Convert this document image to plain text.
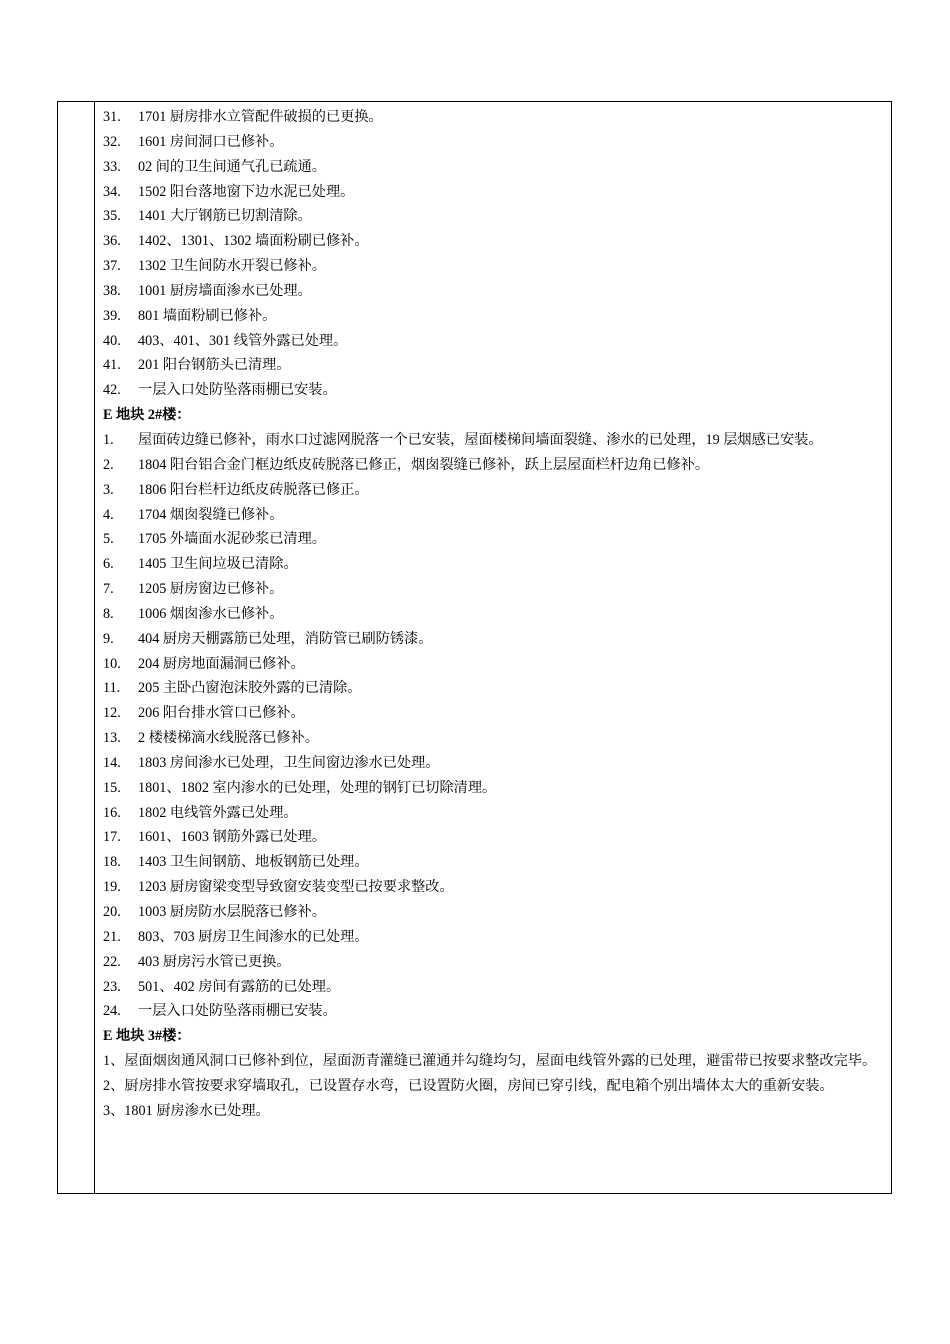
31.	1701 厨房排水立管配件破损的已更换。
32.	1601 房间洞口已修补。
33.	02 间的卫生间通气孔已疏通。
34.	1502 阳台落地窗下边水泥已处理。
35.	1401 大厅钢筋已切割清除。
36.	1402、1301、1302 墙面粉刷已修补。
37.	1302 卫生间防水开裂已修补。
38.	1001 厨房墙面渗水已处理。
39.	801 墙面粉刷已修补。
40.	403、401、301 线管外露已处理。
41.	201 阳台钢筋头已清理。
42.	一层入口处防坠落雨棚已安装。
E 地块 2#楼：
1.	屋面砖边缝已修补，雨水口过滤网脱落一个已安装，屋面楼梯间墙面裂缝、渗水的已处理，19 层烟感已安装。
2.	1804 阳台铝合金门框边纸皮砖脱落已修正，烟囱裂缝已修补，跃上层屋面栏杆边角已修补。
3.	1806 阳台栏杆边纸皮砖脱落已修正。
4.	1704 烟囱裂缝已修补。
5.	1705 外墙面水泥砂浆已清理。
6.	1405 卫生间垃圾已清除。
7.	1205 厨房窗边已修补。
8.	1006 烟囱渗水已修补。
9.	404 厨房天棚露筋已处理，消防管已刷防锈漆。
10.	204 厨房地面漏洞已修补。
11.	205 主卧凸窗泡沫胶外露的已清除。
12.	206 阳台排水管口已修补。
13.	2 楼楼梯滴水线脱落已修补。
14.	1803 房间渗水已处理，卫生间窗边渗水已处理。
15.	1801、1802 室内渗水的已处理，处理的钢钉已切除清理。
16.	1802 电线管外露已处理。
17.	1601、1603 钢筋外露已处理。
18.	1403 卫生间钢筋、地板钢筋已处理。
19.	1203 厨房窗梁变型导致窗安装变型已按要求整改。
20.	1003 厨房防水层脱落已修补。
21.	803、703 厨房卫生间渗水的已处理。
22.	403 厨房污水管已更换。
23.	501、402 房间有露筋的已处理。
24.	一层入口处防坠落雨棚已安装。
E 地块 3#楼：
1、屋面烟囱通风洞口已修补到位，屋面沥青灌缝已灌通并勾缝均匀，屋面电线管外露的已处理，避雷带已按要求整改完毕。
2、厨房排水管按要求穿墙取孔，已设置存水弯，已设置防火圈，房间已穿引线，配电箱个别出墙体太大的重新安装。
3、1801 厨房渗水已处理。
